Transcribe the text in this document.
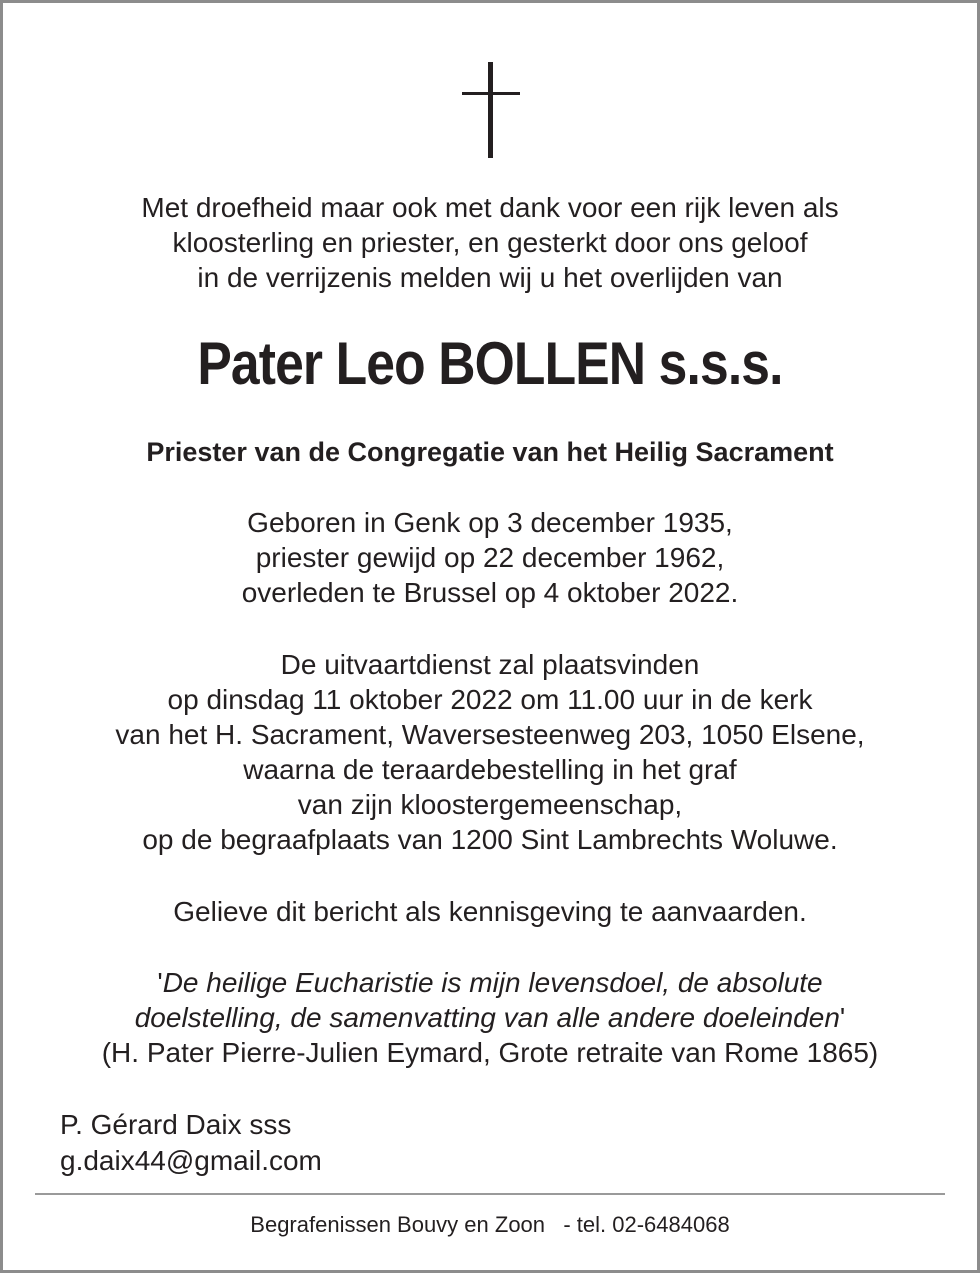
Met droefheid maar ook met dank voor een rijk leven als
kloosterling en priester, en gesterkt door ons geloof
in de verrijzenis melden wij u het overlijden van
Pater Leo BOLLEN s.s.s.
Priester van de Congregatie van het Heilig Sacrament
Geboren in Genk op 3 december 1935,
priester gewijd op 22 december 1962,
overleden te Brussel op 4 oktober 2022.
De uitvaartdienst zal plaatsvinden
op dinsdag 11 oktober 2022 om 11.00 uur in de kerk
van het H. Sacrament, Waversesteenweg 203, 1050 Elsene,
waarna de teraardebestelling in het graf
van zijn kloostergemeenschap,
op de begraafplaats van 1200 Sint Lambrechts Woluwe.
Gelieve dit bericht als kennisgeving te aanvaarden.
'De heilige Eucharistie is mijn levensdoel, de absolute
doelstelling, de samenvatting van alle andere doeleinden'
(H. Pater Pierre-Julien Eymard, Grote retraite van Rome 1865)
P. Gérard Daix sss
g.daix44@gmail.com
Begrafenissen Bouvy en Zoon   - tel. 02-6484068
